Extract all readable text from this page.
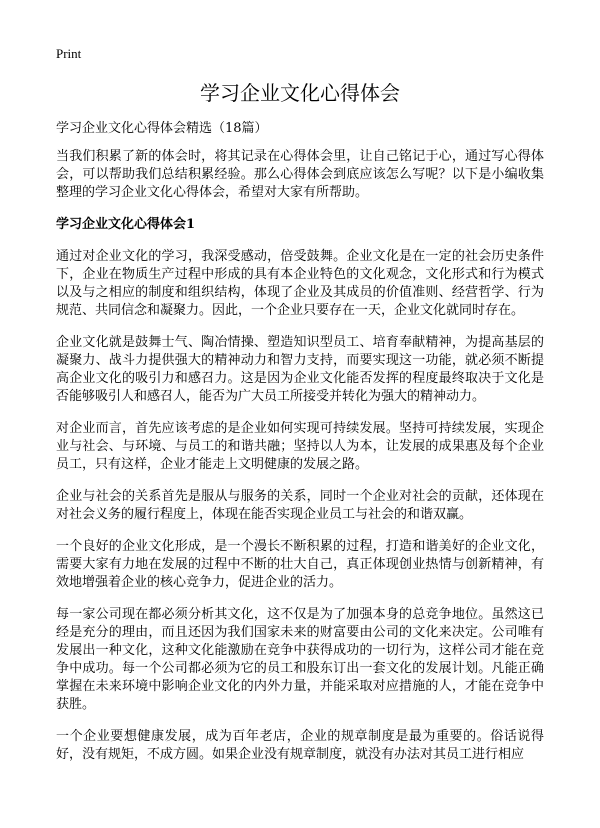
Print
学习企业文化心得体会
学习企业文化心得体会精选（18篇）

当我们积累了新的体会时，将其记录在心得体会里，让自己铭记于心，通过写心得体会，可以帮助我们总结积累经验。那么心得体会到底应该怎么写呢？以下是小编收集整理的学习企业文化心得体会，希望对大家有所帮助。

学习企业文化心得体会1

通过对企业文化的学习，我深受感动，倍受鼓舞。企业文化是在一定的社会历史条件下，企业在物质生产过程中形成的具有本企业特色的文化观念，文化形式和行为模式以及与之相应的制度和组织结构，体现了企业及其成员的价值准则、经营哲学、行为规范、共同信念和凝聚力。因此，一个企业只要存在一天，企业文化就同时存在。

企业文化就是鼓舞士气、陶冶情操、塑造知识型员工、培育奉献精神，为提高基层的凝聚力、战斗力提供强大的精神动力和智力支持，而要实现这一功能，就必须不断提高企业文化的吸引力和感召力。这是因为企业文化能否发挥的程度最终取决于文化是否能够吸引人和感召人，能否为广大员工所接受并转化为强大的精神动力。

对企业而言，首先应该考虑的是企业如何实现可持续发展。坚持可持续发展，实现企业与社会、与环境、与员工的和谐共融；坚持以人为本，让发展的成果惠及每个企业员工，只有这样，企业才能走上文明健康的发展之路。

企业与社会的关系首先是服从与服务的关系，同时一个企业对社会的贡献，还体现在对社会义务的履行程度上，体现在能否实现企业员工与社会的和谐双赢。

一个良好的企业文化形成，是一个漫长不断积累的过程，打造和谐美好的企业文化，需要大家有力地在发展的过程中不断的壮大自己，真正体现创业热情与创新精神，有效地增强着企业的核心竞争力，促进企业的活力。

每一家公司现在都必须分析其文化，这不仅是为了加强本身的总竞争地位。虽然这已经是充分的理由，而且还因为我们国家未来的财富要由公司的文化来决定。公司唯有发展出一种文化，这种文化能激励在竞争中获得成功的一切行为，这样公司才能在竞争中成功。每一个公司都必须为它的员工和股东订出一套文化的发展计划。凡能正确掌握在未来环境中影响企业文化的内外力量，并能采取对应措施的人，才能在竞争中获胜。

一个企业要想健康发展，成为百年老店，企业的规章制度是最为重要的。俗话说得好，没有规矩，不成方圆。如果企业没有规章制度，就没有办法对其员工进行相应
